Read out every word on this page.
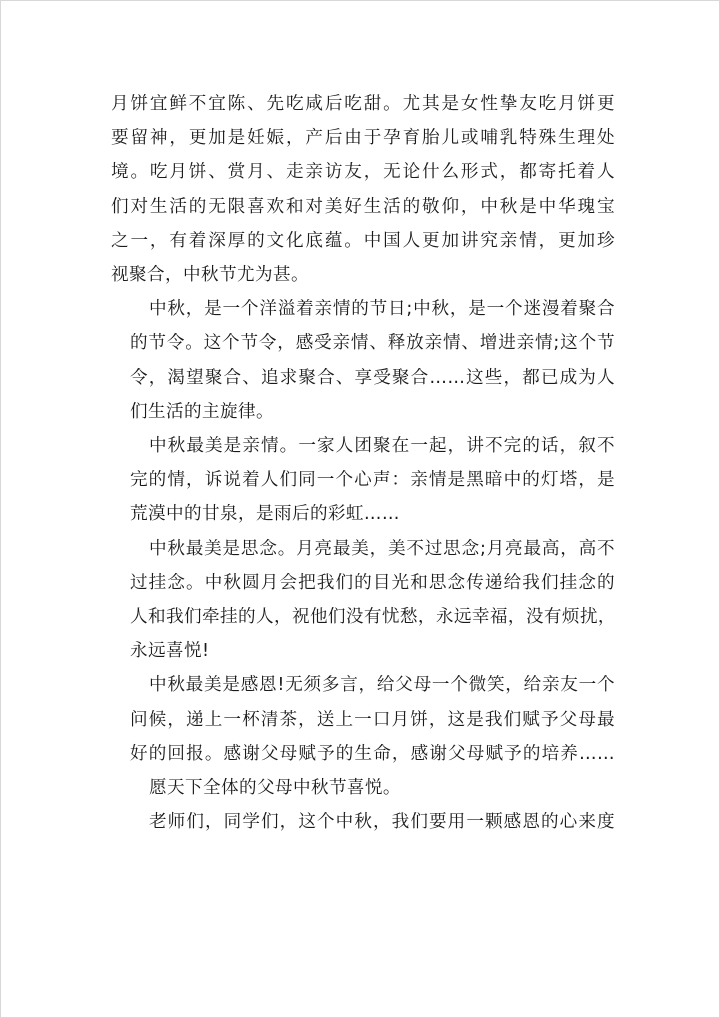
月饼宜鲜不宜陈、先吃咸后吃甜。尤其是女性挚友吃月饼更
要留神，更加是妊娠，产后由于孕育胎儿或哺乳特殊生理处
境。吃月饼、赏月、走亲访友，无论什么形式，都寄托着人
们对生活的无限喜欢和对美好生活的敬仰，中秋是中华瑰宝
之一，有着深厚的文化底蕴。中国人更加讲究亲情，更加珍
视聚合，中秋节尤为甚。

中秋，是一个洋溢着亲情的节日;中秋，是一个迷漫着聚合
的节令。这个节令，感受亲情、释放亲情、增进亲情;这个节
令，渴望聚合、追求聚合、享受聚合……这些，都已成为人
们生活的主旋律。

中秋最美是亲情。一家人团聚在一起，讲不完的话，叙不
完的情，诉说着人们同一个心声：亲情是黑暗中的灯塔，是
荒漠中的甘泉，是雨后的彩虹……

中秋最美是思念。月亮最美，美不过思念;月亮最高，高不
过挂念。中秋圆月会把我们的目光和思念传递给我们挂念的
人和我们牵挂的人，祝他们没有忧愁，永远幸福，没有烦扰，
永远喜悦!

中秋最美是感恩!无须多言，给父母一个微笑，给亲友一个
问候，递上一杯清茶，送上一口月饼，这是我们赋予父母最
好的回报。感谢父母赋予的生命，感谢父母赋予的培养……

愿天下全体的父母中秋节喜悦。

老师们，同学们，这个中秋，我们要用一颗感恩的心来度
